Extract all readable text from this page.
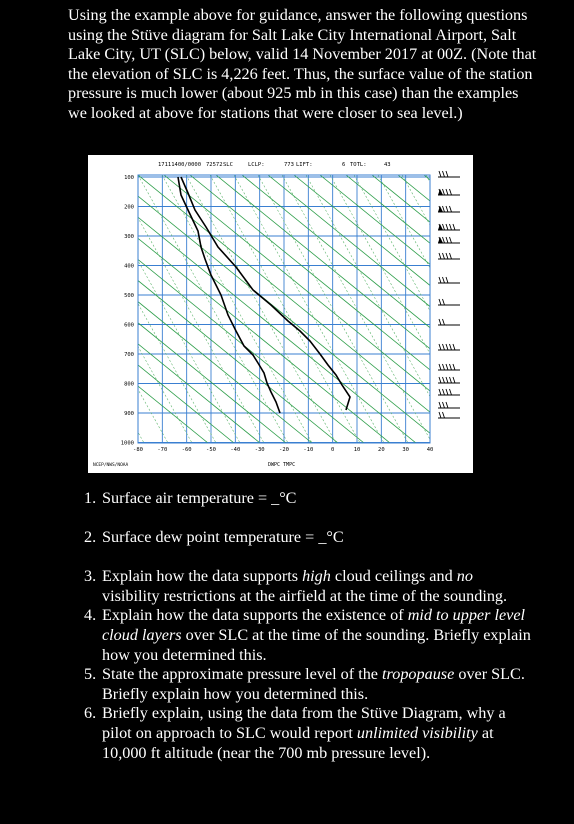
Using the example above for guidance, answer the following questions using the Stüve diagram for Salt Lake City International Airport, Salt Lake City, UT (SLC) below, valid 14 November 2017 at 00Z. (Note that the elevation of SLC is 4,226 feet. Thus, the surface value of the station pressure is much lower (about 925 mb in this case) than the examples we looked at above for stations that were closer to sea level.)
17111400/0000 72572 SLC	LCLP:	773 LIFT:	6 TOTL:	43
100
200
300
400
500
600
700
800
900
1000
-80	-70	-60	-50	-40	-30	-20	-10	0	10	20	30	40
NCEP/NWS/NOAA	DWPC TMPC
1. Surface air temperature = _°C
2. Surface dew point temperature = _°C
3. Explain how the data supports high cloud ceilings and no visibility restrictions at the airfield at the time of the sounding.
4. Explain how the data supports the existence of mid to upper level cloud layers over SLC at the time of the sounding. Briefly explain how you determined this.
5. State the approximate pressure level of the tropopause over SLC. Briefly explain how you determined this.
6. Briefly explain, using the data from the Stüve Diagram, why a pilot on approach to SLC would report unlimited visibility at 10,000 ft altitude (near the 700 mb pressure level).
